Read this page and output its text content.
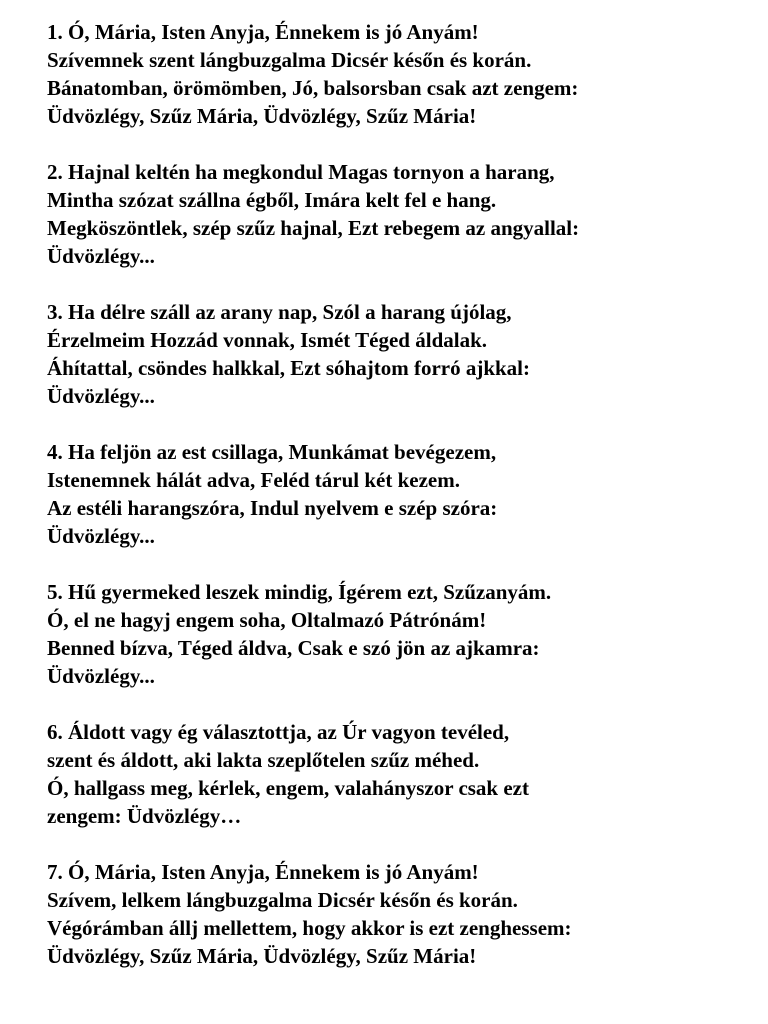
1. Ó, Mária, Isten Anyja, Énnekem is jó Anyám!
Szívemnek szent lángbuzgalma Dicsér későn és korán.
Bánatomban, örömömben, Jó, balsorsban csak azt zengem:
Üdvözlégy, Szűz Mária, Üdvözlégy, Szűz Mária!
2. Hajnal keltén ha megkondul Magas tornyon a harang,
Mintha szózat szállna égből, Imára kelt fel e hang.
Megköszöntlek, szép szűz hajnal, Ezt rebegem az angyallal:
Üdvözlégy...
3. Ha délre száll az arany nap, Szól a harang újólag,
Érzelmeim Hozzád vonnak, Ismét Téged áldalak.
Áhítattal, csöndes halkkal, Ezt sóhajtom forró ajkkal:
Üdvözlégy...
4. Ha feljön az est csillaga, Munkámat bevégezem,
Istenemnek hálát adva, Feléd tárul két kezem.
Az estéli harangszóra, Indul nyelvem e szép szóra:
Üdvözlégy...
5. Hű gyermeked leszek mindig, Ígérem ezt, Szűzanyám.
Ó, el ne hagyj engem soha, Oltalmazó Pátrónám!
Benned bízva, Téged áldva, Csak e szó jön az ajkamra:
Üdvözlégy...
6. Áldott vagy ég választottja, az Úr vagyon tevéled,
szent és áldott, aki lakta szeplőtelen szűz méhed.
Ó, hallgass meg, kérlek, engem, valahányszor csak ezt
zengem: Üdvözlégy…
7. Ó, Mária, Isten Anyja, Énnekem is jó Anyám!
Szívem, lelkem lángbuzgalma Dicsér későn és korán.
Végórámban állj mellettem, hogy akkor is ezt zenghessem:
Üdvözlégy, Szűz Mária, Üdvözlégy, Szűz Mária!
